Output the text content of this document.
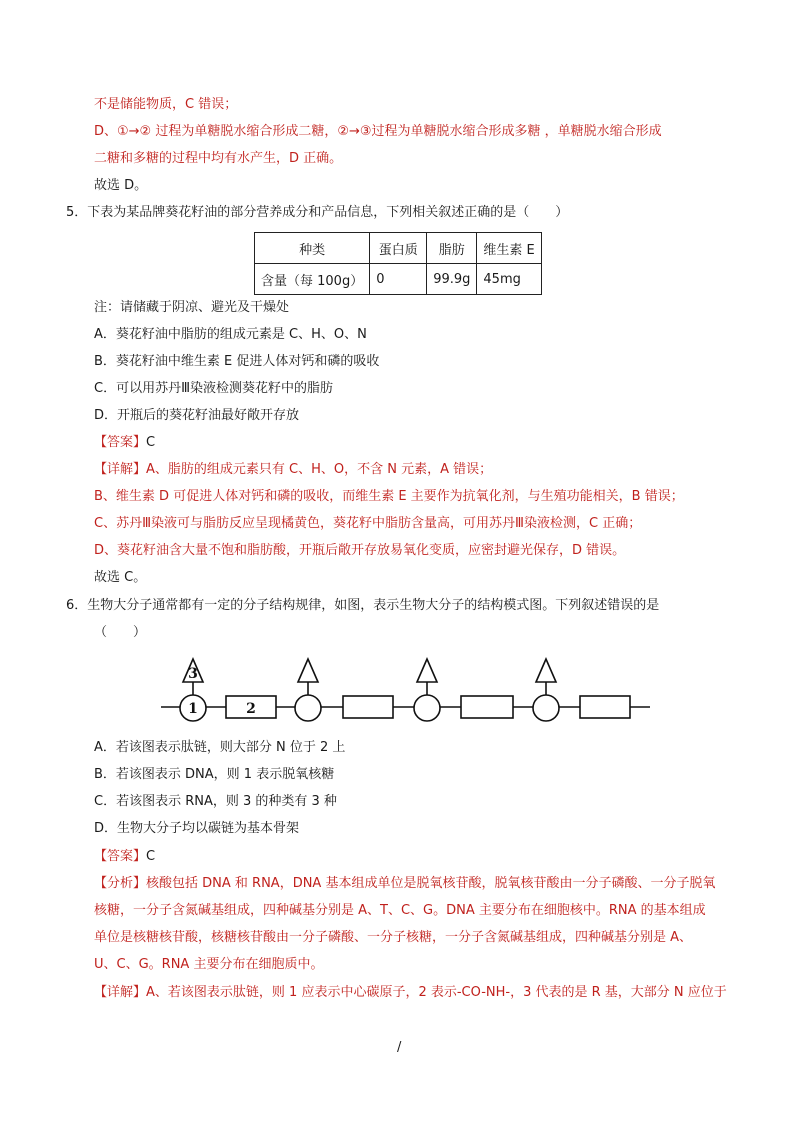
不是储能物质，C 错误；
D、①→② 过程为单糖脱水缩合形成二糖，②→③过程为单糖脱水缩合形成多糖 ，单糖脱水缩合形成
二糖和多糖的过程中均有水产生，D 正确。
故选 D。
5．下表为某品牌葵花籽油的部分营养成分和产品信息，下列相关叙述正确的是（　　）
种类	蛋白质	脂肪	维生素 E
含量（每 100g）	0	99.9g	45mg
注：请储藏于阴凉、避光及干燥处
A．葵花籽油中脂肪的组成元素是 C、H、O、N
B．葵花籽油中维生素 E 促进人体对钙和磷的吸收
C．可以用苏丹Ⅲ染液检测葵花籽中的脂肪
D．开瓶后的葵花籽油最好敞开存放
【答案】C
【详解】A、脂肪的组成元素只有 C、H、O，不含 N 元素，A 错误；
B、维生素 D 可促进人体对钙和磷的吸收，而维生素 E 主要作为抗氧化剂，与生殖功能相关，B 错误；
C、苏丹Ⅲ染液可与脂肪反应呈现橘黄色，葵花籽中脂肪含量高，可用苏丹Ⅲ染液检测，C 正确；
D、葵花籽油含大量不饱和脂肪酸，开瓶后敞开存放易氧化变质，应密封避光保存，D 错误。
故选 C。
6．生物大分子通常都有一定的分子结构规律，如图，表示生物大分子的结构模式图。下列叙述错误的是
（　　）
3
1	2
A．若该图表示肽链，则大部分 N 位于 2 上
B．若该图表示 DNA，则 1 表示脱氧核糖
C．若该图表示 RNA，则 3 的种类有 3 种
D．生物大分子均以碳链为基本骨架
【答案】C
【分析】核酸包括 DNA 和 RNA，DNA 基本组成单位是脱氧核苷酸，脱氧核苷酸由一分子磷酸、一分子脱氧
核糖，一分子含氮碱基组成，四种碱基分别是 A、T、C、G。DNA 主要分布在细胞核中。RNA 的基本组成
单位是核糖核苷酸，核糖核苷酸由一分子磷酸、一分子核糖，一分子含氮碱基组成，四种碱基分别是 A、
U、C、G。RNA 主要分布在细胞质中。
【详解】A、若该图表示肽链，则 1 应表示中心碳原子，2 表示-CO-NH-，3 代表的是 R 基，大部分 N 应位于
/
